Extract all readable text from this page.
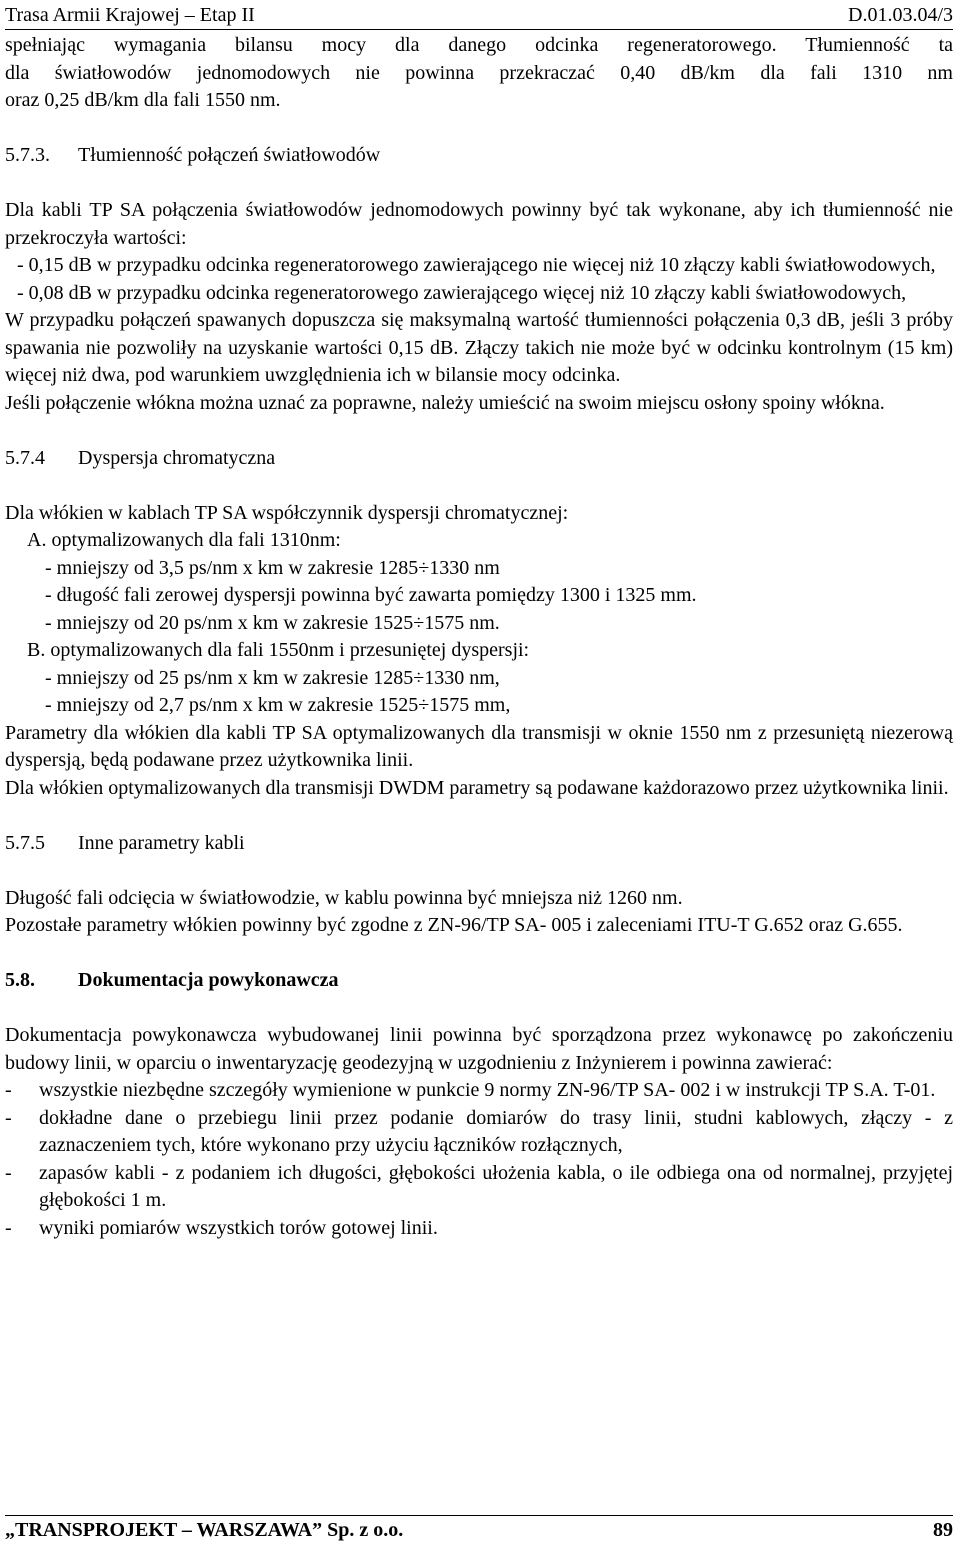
Trasa Armii Krajowej – Etap II	D.01.03.04/3

spełniając wymagania bilansu mocy dla danego odcinka regeneratorowego. Tłumienność ta

dla światłowodów jednomodowych nie powinna przekraczać 0,40 dB/km dla fali 1310 nm

oraz 0,25 dB/km dla fali 1550 nm.

5.7.3.	Tłumienność połączeń światłowodów

Dla kabli TP SA połączenia światłowodów jednomodowych powinny być tak wykonane, aby ich tłumienność nie przekroczyła wartości:

- 0,15 dB w przypadku odcinka regeneratorowego zawierającego nie więcej niż 10 złączy kabli światłowodowych,

- 0,08 dB w przypadku odcinka regeneratorowego zawierającego więcej niż 10 złączy kabli światłowodowych,

W przypadku połączeń spawanych dopuszcza się maksymalną wartość tłumienności połączenia 0,3 dB, jeśli 3 próby spawania nie pozwoliły na uzyskanie wartości 0,15 dB. Złączy takich nie może być w odcinku kontrolnym (15 km) więcej niż dwa, pod warunkiem uwzględnienia ich w bilansie mocy odcinka.

Jeśli połączenie włókna można uznać za poprawne, należy umieścić na swoim miejscu osłony spoiny włókna.

5.7.4	Dyspersja chromatyczna

Dla włókien w kablach TP SA współczynnik dyspersji chromatycznej:

A. optymalizowanych dla fali 1310nm:

- mniejszy od 3,5 ps/nm x km w zakresie 1285÷1330 nm

- długość fali zerowej dyspersji powinna być zawarta pomiędzy 1300 i 1325 mm.

- mniejszy od 20 ps/nm x km w zakresie 1525÷1575 nm.

B. optymalizowanych dla fali 1550nm i przesuniętej dyspersji:

- mniejszy od 25 ps/nm x km w zakresie 1285÷1330 nm,

- mniejszy od 2,7 ps/nm x km w zakresie 1525÷1575 mm,

Parametry dla włókien dla kabli TP SA optymalizowanych dla transmisji w oknie 1550 nm z przesuniętą niezerową dyspersją, będą podawane przez użytkownika linii.

Dla włókien optymalizowanych dla transmisji DWDM parametry są podawane każdorazowo przez użytkownika linii.

5.7.5	Inne parametry kabli

Długość fali odcięcia w światłowodzie, w kablu powinna być mniejsza niż 1260 nm.

Pozostałe parametry włókien powinny być zgodne z ZN-96/TP SA- 005 i zaleceniami ITU-T G.652 oraz G.655.

5.8.	Dokumentacja powykonawcza

Dokumentacja powykonawcza wybudowanej linii powinna być sporządzona przez wykonawcę po zakończeniu budowy linii, w oparciu o inwentaryzację geodezyjną w uzgodnieniu z Inżynierem i powinna zawierać:

-	wszystkie niezbędne szczegóły wymienione w punkcie 9 normy ZN-96/TP SA- 002 i w instrukcji TP S.A. T-01.
-	dokładne dane o przebiegu linii przez podanie domiarów do trasy linii, studni kablowych, złączy - z zaznaczeniem tych, które wykonano przy użyciu łączników rozłącznych,
-	zapasów kabli - z podaniem ich długości, głębokości ułożenia kabla, o ile odbiega ona od normalnej, przyjętej głębokości 1 m.
-	wyniki pomiarów wszystkich torów gotowej linii.
„TRANSPROJEKT – WARSZAWA” Sp. z o.o.	89
